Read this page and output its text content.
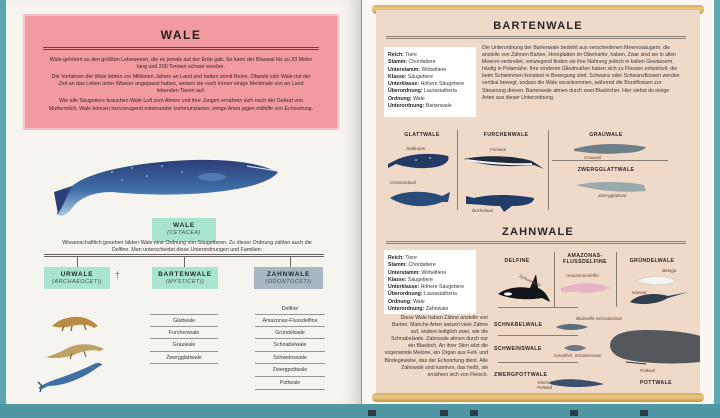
WALE

Wale gehören zu den größten Lebewesen, die es jemals auf der Erde gab. So kann der Blauwal bis zu 33 Meter lang und 200 Tonnen schwer werden.

Die Vorfahren der Wale lebten vor Millionen Jahren an Land und hatten somit Beine. Obwohl sich Wale mit der Zeit an das Leben unter Wasser angepasst haben, weisen sie noch immer einige Merkmale von an Land lebenden Tieren auf.

Wie alle Säugetiere brauchen Wale Luft zum Atmen und ihre Jungen ernähren sich nach der Geburt von Muttermilch. Wale können hervorragend miteinander kommunizieren, einige Arten jagen mithilfe von Echoortung.

WALE
(CETACEA)
Wissenschaftlich gesehen bilden Wale eine Ordnung von Säugetieren. Zu dieser Ordnung zählen auch die Delfine. Man unterscheidet diese Unterordnungen und Familien:
URWALE
(ARCHAEOCETI)
†	BARTENWALE
(MYSTICETI)
ZAHNWALE
(ODONTOCETI)
Glattwale
Furchenwale
Grauwale
Zwergglattwale
Delfine
Amazonas-Flussdelfine
Gründelwale
Schnabelwale
Schweinswale
Zwergpottwale
Pottwale
BARTENWALE
Reich: Tiere
Stamm: Chordatiere
Unterstamm: Wirbeltiere
Klasse: Säugetiere
Unterklasse: Höhere Säugetiere
Überordnung: Laurasiatheria
Ordnung: Wale
Unterordnung: Bartenwale
Die Unterordnung der Bartenwale besteht aus verschiedenen Meeressäugern, die anstelle von Zähnen Barten, Hornplatten im Oberkiefer, haben. Zwar sind sie in allen Meeren verbreitet, vorwiegend finden sie ihre Nahrung jedoch in kalten Gewässern, häufig in Polarnähe. Ihre vorderen Gliedmaßen haben sich zu Flossen entwickelt, die beim Schwimmen konstant in Bewegung sind. Schwanz oder Schwanzflossen werden vertikal bewegt, sodass die Wale vorankommen, während die Brustflossen zur Steuerung dienen. Bartenwale atmen durch zwei Blaslöcher. Hier siehst du einige Arten aus dieser Unterordnung.
GLATTWALE	FURCHENWALE	GRAUWALE
ZWERGGLATTWALE
Südkaper
Grönlandwal
Finnwal
Buckelwal
Grauwal
Zwergglattwal
ZAHNWALE
Reich: Tiere
Stamm: Chordatiere
Unterstamm: Wirbeltiere
Klasse: Säugetiere
Unterklasse: Höhere Säugetiere
Überordnung: Laurasiatheria
Ordnung: Wale
Unterordnung: Zahnwale
Diese Wale haben Zähne anstelle von Barten. Manche Arten weisen viele Zähne auf, andere lediglich zwei, wie die Schnabelwale. Zahnwale atmen durch nur ein Blasloch. An ihrer Stirn sitzt die sogenannte Melone, ein Organ aus Fett- und Bindegewebe, das der Echoortung dient. Alle Zahnwale sind karnivor, das heißt, sie ernähren sich von Fleisch.
DELFINE
AMAZONAS-FLUSSDELFINE	GRÜNDELWALE
Schwertwal	Amazonasdelfin
Beluga
Narwal
SCHNABELWALE
Blainville-Schnabelwal
SCHWEINSWALE
Gewöhnl. Schweinswal
ZWERGPOTTWALE
Kleiner Pottwal
Pottwal
POTTWALE
